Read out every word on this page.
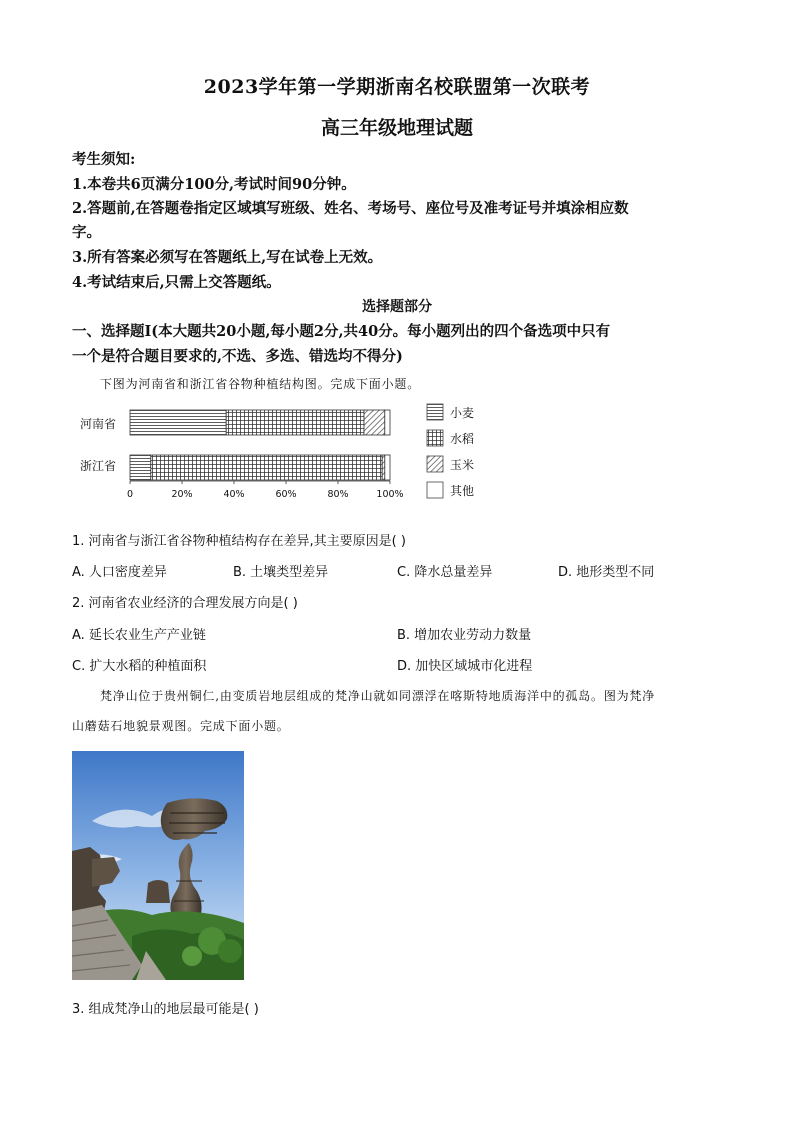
2023学年第一学期浙南名校联盟第一次联考
高三年级地理试题
考生须知:
1.本卷共6页满分100分,考试时间90分钟。
2.答题前,在答题卷指定区域填写班级、姓名、考场号、座位号及准考证号并填涂相应数
字。
3.所有答案必须写在答题纸上,写在试卷上无效。
4.考试结束后,只需上交答题纸。
选择题部分
一、选择题Ⅰ(本大题共20小题,每小题2分,共40分。每小题列出的四个备选项中只有
一个是符合题目要求的,不选、多选、错选均不得分)
下图为河南省和浙江省谷物种植结构图。完成下面小题。
河南省
浙江省
0	20%	40%	60%	80%	100%
小麦
水稻
玉米
其他
1. 河南省与浙江省谷物种植结构存在差异,其主要原因是( )
A. 人口密度差异	B. 土壤类型差异	C. 降水总量差异	D. 地形类型不同
2. 河南省农业经济的合理发展方向是( )
A. 延长农业生产产业链	B. 增加农业劳动力数量
C. 扩大水稻的种植面积	D. 加快区域城市化进程
梵净山位于贵州铜仁,由变质岩地层组成的梵净山就如同漂浮在喀斯特地质海洋中的孤岛。图为梵净
山蘑菇石地貌景观图。完成下面小题。
3. 组成梵净山的地层最可能是( )
